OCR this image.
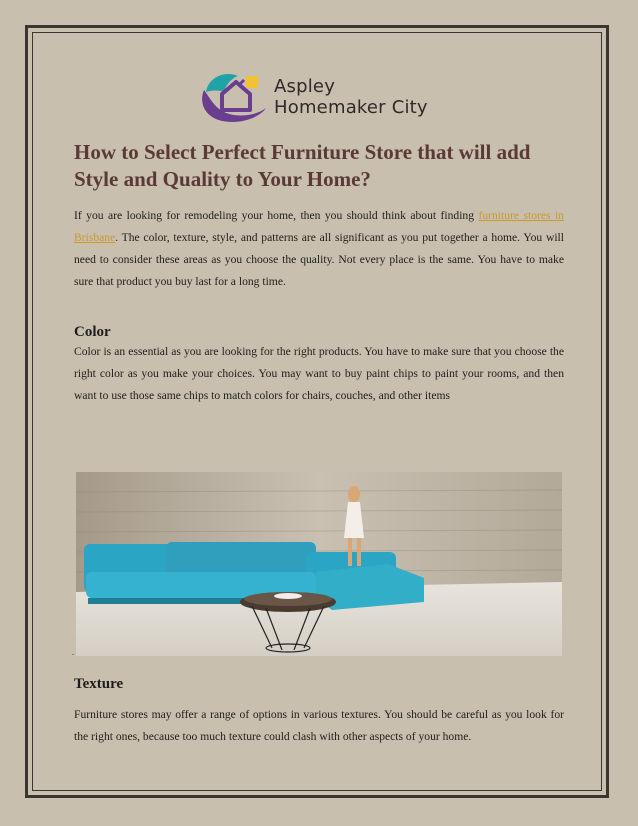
Aspley
Homemaker City
How to Select Perfect Furniture Store that will add
Style and Quality to Your Home?

If you are looking for remodeling your home, then you should think about finding furniture stores in Brisbane. The color, texture, style, and patterns are all significant as you put together a home. You will need to consider these areas as you choose the quality. Not every place is the same. You have to make sure that product you buy last for a long time.

Color

Color is an essential as you are looking for the right products. You have to make sure that you choose the right color as you make your choices. You may want to buy paint chips to paint your rooms, and then want to use those same chips to match colors for chairs, couches, and other items

.
Texture

Furniture stores may offer a range of options in various textures. You should be careful as you look for the right ones, because too much texture could clash with other aspects of your home.
